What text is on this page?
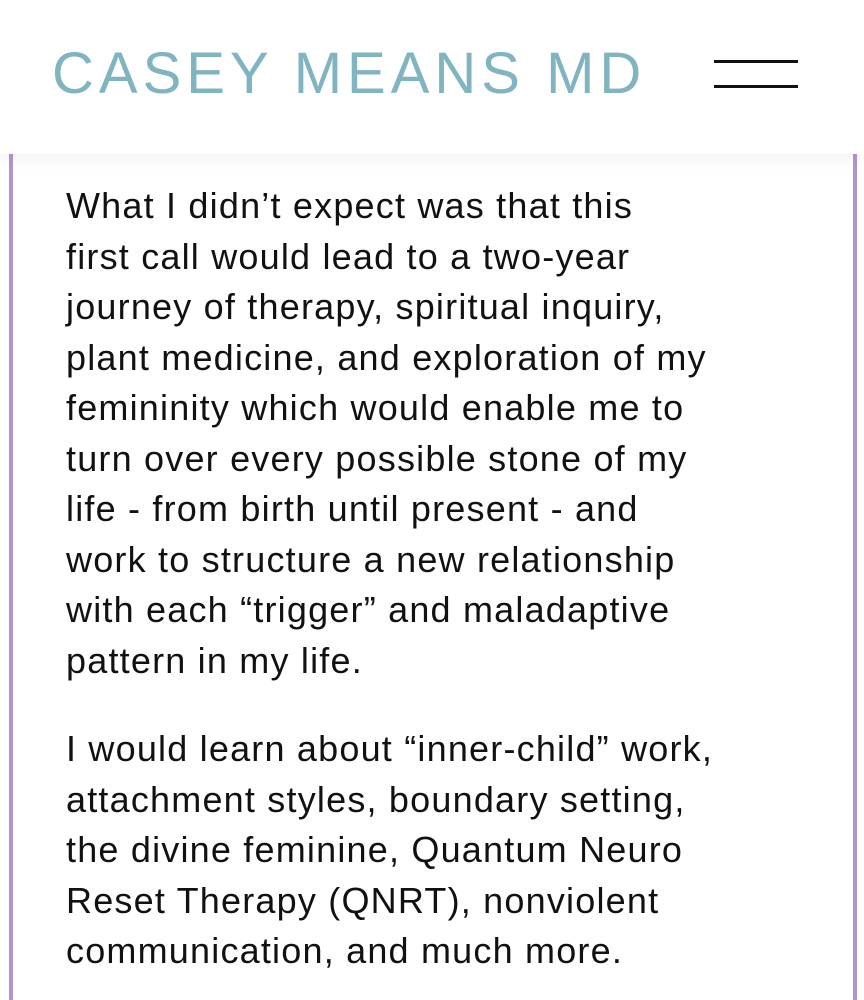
CASEY MEANS MD

What I didn’t expect was that this
first call would lead to a two-year
journey of therapy, spiritual inquiry,
plant medicine, and exploration of my
femininity which would enable me to
turn over every possible stone of my
life - from birth until present - and
work to structure a new relationship
with each “trigger” and maladaptive
pattern in my life.

I would learn about “inner-child” work,
attachment styles, boundary setting,
the divine feminine, Quantum Neuro
Reset Therapy (QNRT), nonviolent
communication, and much more.
